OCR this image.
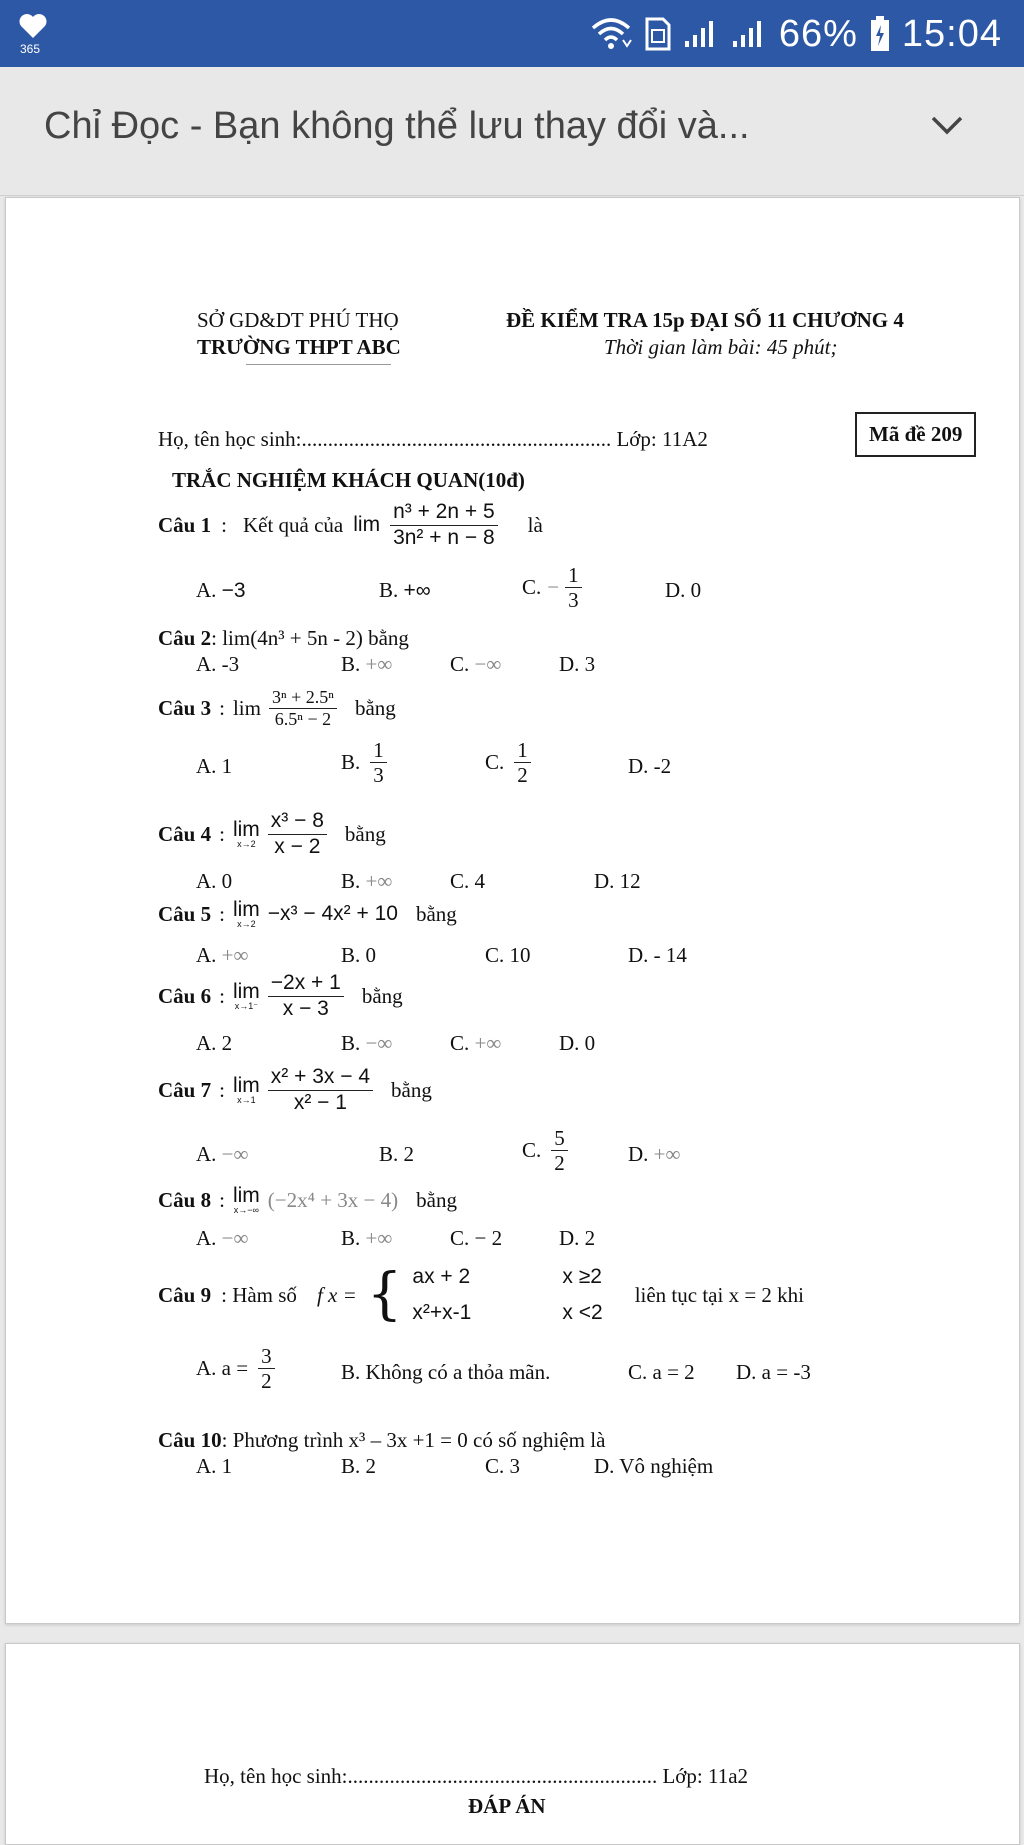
365	66% 15:04
Chỉ Đọc - Bạn không thể lưu thay đổi và...
SỞ GD&DT PHÚ THỌ
TRƯỜNG THPT ABC
ĐỀ KIỂM TRA 15p ĐẠI SỐ 11 CHƯƠNG 4
Thời gian làm bài: 45 phút;
Họ, tên học sinh:........................................................... Lớp: 11A2	Mã đề 209
TRẮC NGHIỆM KHÁCH QUAN(10đ)
Câu 1 : Kết quả của $\lim \frac{\text{n³ + 2n + 5}}{\text{3n² + n − 8}}$ là
A. −3	B. +∞	C. − $\frac{1}{3}$	D. 0
Câu 2: lim(4n³ + 5n - 2) bằng
A. -3	B. +∞	C. −∞	D. 3
Câu 3 : $\lim \frac{\text{3ⁿ + 2.5ⁿ}}{\text{6.5ⁿ − 2}}$ bằng
A. 1	B. $\frac{1}{3}$	C. $\frac{1}{2}$	D. -2
Câu 4 : lim
$x\to 2 \frac{\text{x³ − 8}}{x - 2}$ bằng
A. 0	B. +∞	C. 4	D. 12
Câu 5 : lim
x→2 −x³ − 4x² + 10 bằng
A. +∞	B. 0	C. 10	D. - 14
Câu 6 : lim
$x\to 1^- \frac{-2x + 1}{x - 3}$ bằng
A. 2	B. −∞	C. +∞	D. 0
Câu 7 : lim
$x\to 1 \frac{\text{x² + 3x − 4}}{\text{x² − 1}}$ bằng
A. −∞	B. 2	C. $\frac{5}{2}$	D. +∞
Câu 8 : lim
x→−∞ (−2x⁴ + 3x − 4) bằng
A. −∞	B. +∞	C. − 2	D. 2
Câu 9 : Hàm số f x = { ax + 2	x ≥2
x²+x-1	x <2
liên tục tại x = 2 khi
A. $a = \frac{3}{2}$	B. Không có a thỏa mãn.	C. a = 2 D. a = -3
Câu 10: Phương trình x³ – 3x +1 = 0 có số nghiệm là
A. 1	B. 2	C. 3	D. Vô nghiệm
Họ, tên học sinh:........................................................... Lớp: 11a2
ĐÁP ÁN
